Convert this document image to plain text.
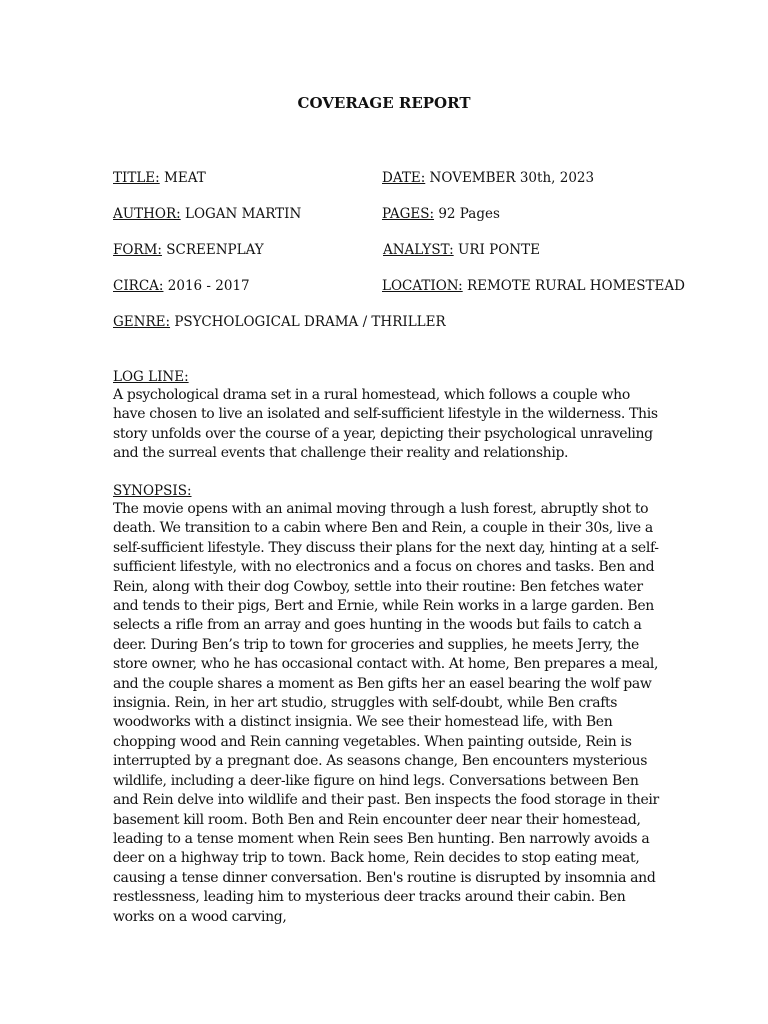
COVERAGE REPORT
TITLE: MEAT	DATE: NOVEMBER 30th, 2023
AUTHOR: LOGAN MARTIN	PAGES: 92 Pages
FORM: SCREENPLAY	ANALYST: URI PONTE
CIRCA: 2016 - 2017	LOCATION: REMOTE RURAL HOMESTEAD
GENRE: PSYCHOLOGICAL DRAMA / THRILLER
LOG LINE:
A psychological drama set in a rural homestead, which follows a couple who have chosen to live an isolated and self-sufficient lifestyle in the wilderness. This story unfolds over the course of a year, depicting their psychological unraveling and the surreal events that challenge their reality and relationship.
SYNOPSIS:
The movie opens with an animal moving through a lush forest, abruptly shot to death. We transition to a cabin where Ben and Rein, a couple in their 30s, live a self-sufficient lifestyle. They discuss their plans for the next day, hinting at a self-sufficient lifestyle, with no electronics and a focus on chores and tasks. Ben and Rein, along with their dog Cowboy, settle into their routine: Ben fetches water and tends to their pigs, Bert and Ernie, while Rein works in a large garden. Ben selects a rifle from an array and goes hunting in the woods but fails to catch a deer. During Ben’s trip to town for groceries and supplies, he meets Jerry, the store owner, who he has occasional contact with. At home, Ben prepares a meal, and the couple shares a moment as Ben gifts her an easel bearing the wolf paw insignia. Rein, in her art studio, struggles with self-doubt, while Ben crafts woodworks with a distinct insignia. We see their homestead life, with Ben chopping wood and Rein canning vegetables. When painting outside, Rein is interrupted by a pregnant doe. As seasons change, Ben encounters mysterious wildlife, including a deer-like figure on hind legs. Conversations between Ben and Rein delve into wildlife and their past. Ben inspects the food storage in their basement kill room. Both Ben and Rein encounter deer near their homestead, leading to a tense moment when Rein sees Ben hunting. Ben narrowly avoids a deer on a highway trip to town. Back home, Rein decides to stop eating meat, causing a tense dinner conversation. Ben's routine is disrupted by insomnia and restlessness, leading him to mysterious deer tracks around their cabin. Ben works on a wood carving,
